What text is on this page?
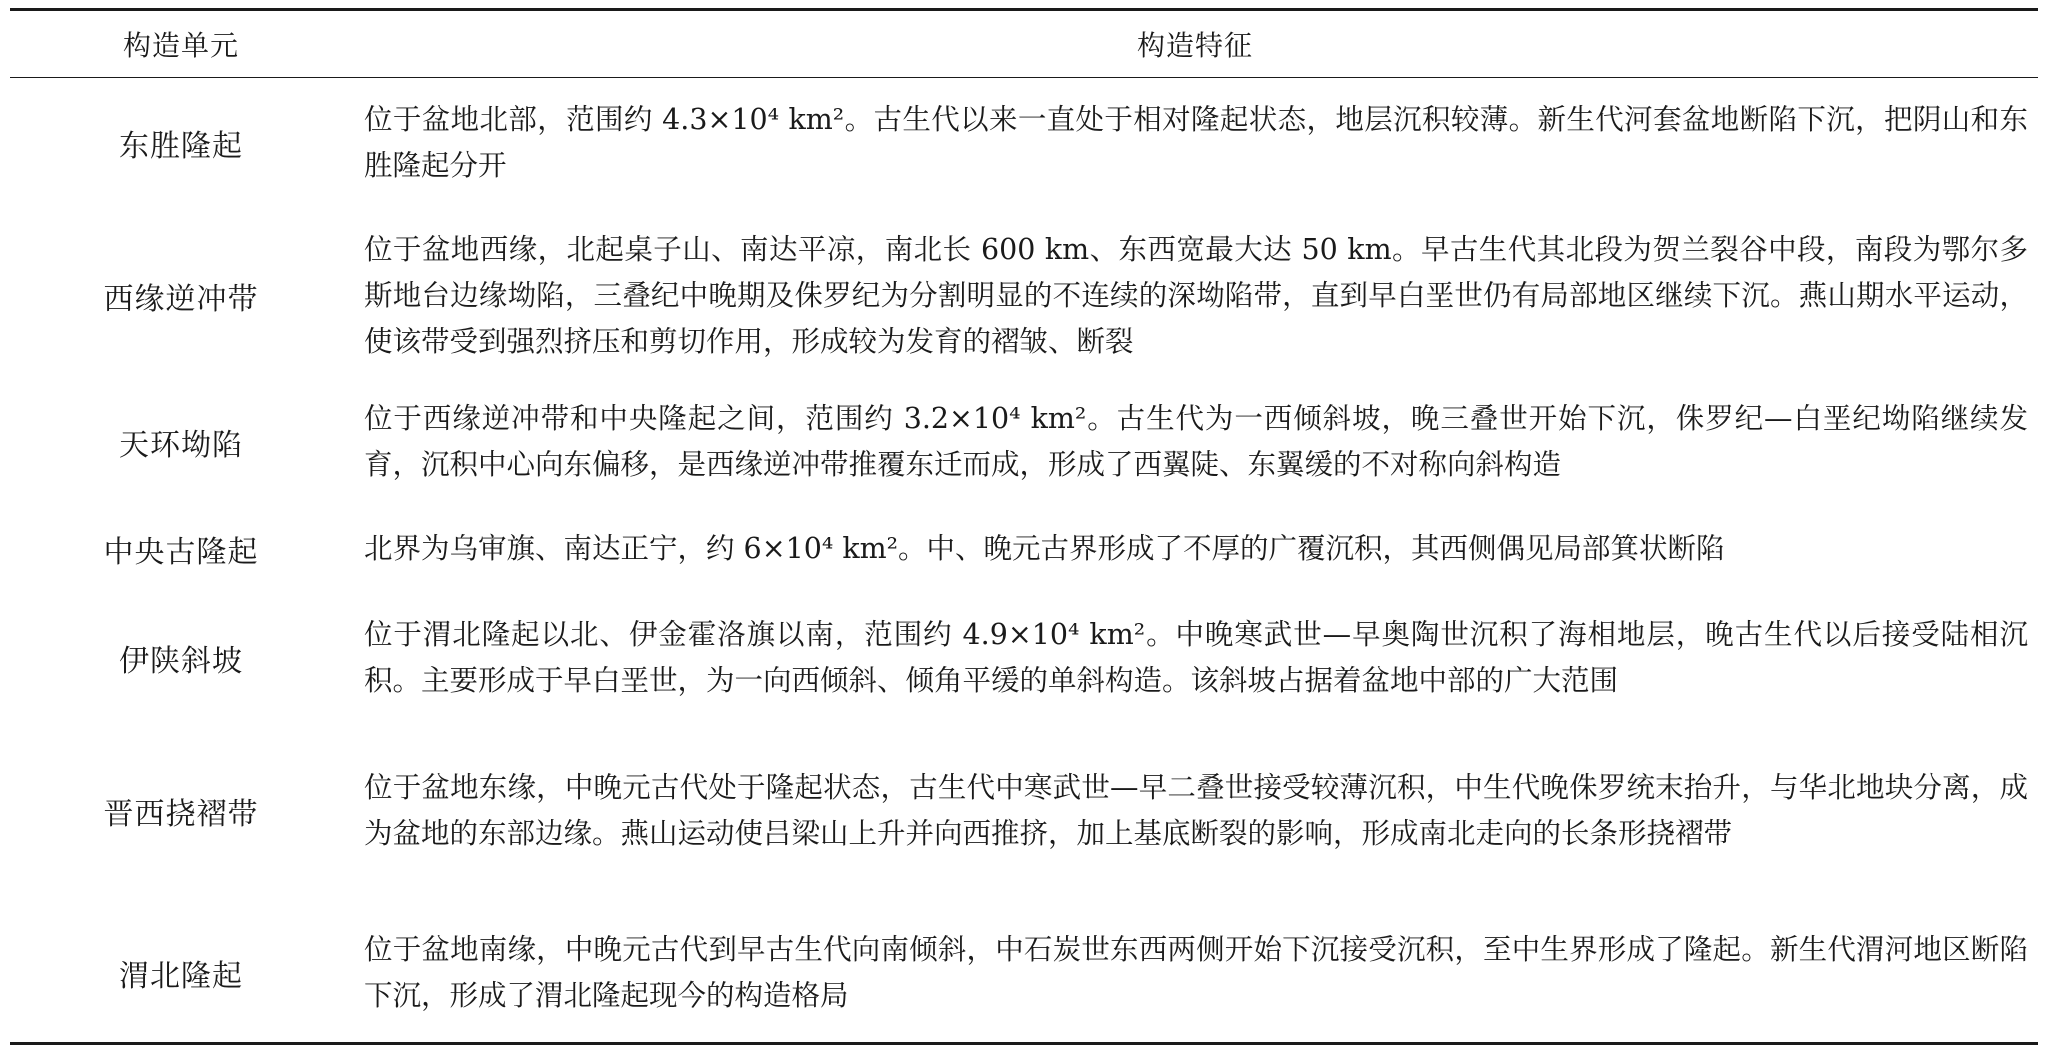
构造单元	构造特征
东胜隆起	位于盆地北部，范围约 4.3×10⁴ km²。古生代以来一直处于相对隆起状态，地层沉积较薄。新生代河套盆地断陷下沉，把阴山和东胜隆起分开
西缘逆冲带	位于盆地西缘，北起桌子山、南达平凉，南北长 600 km、东西宽最大达 50 km。早古生代其北段为贺兰裂谷中段，南段为鄂尔多斯地台边缘坳陷，三叠纪中晚期及侏罗纪为分割明显的不连续的深坳陷带，直到早白垩世仍有局部地区继续下沉。燕山期水平运动，使该带受到强烈挤压和剪切作用，形成较为发育的褶皱、断裂
天环坳陷	位于西缘逆冲带和中央隆起之间，范围约 3.2×10⁴ km²。古生代为一西倾斜坡，晚三叠世开始下沉，侏罗纪—白垩纪坳陷继续发育，沉积中心向东偏移，是西缘逆冲带推覆东迁而成，形成了西翼陡、东翼缓的不对称向斜构造
中央古隆起	北界为乌审旗、南达正宁，约 6×10⁴ km²。中、晚元古界形成了不厚的广覆沉积，其西侧偶见局部箕状断陷
伊陕斜坡	位于渭北隆起以北、伊金霍洛旗以南，范围约 4.9×10⁴ km²。中晚寒武世—早奥陶世沉积了海相地层，晚古生代以后接受陆相沉积。主要形成于早白垩世，为一向西倾斜、倾角平缓的单斜构造。该斜坡占据着盆地中部的广大范围
晋西挠褶带	位于盆地东缘，中晚元古代处于隆起状态，古生代中寒武世—早二叠世接受较薄沉积，中生代晚侏罗统末抬升，与华北地块分离，成为盆地的东部边缘。燕山运动使吕梁山上升并向西推挤，加上基底断裂的影响，形成南北走向的长条形挠褶带
渭北隆起	位于盆地南缘，中晚元古代到早古生代向南倾斜，中石炭世东西两侧开始下沉接受沉积，至中生界形成了隆起。新生代渭河地区断陷下沉，形成了渭北隆起现今的构造格局
